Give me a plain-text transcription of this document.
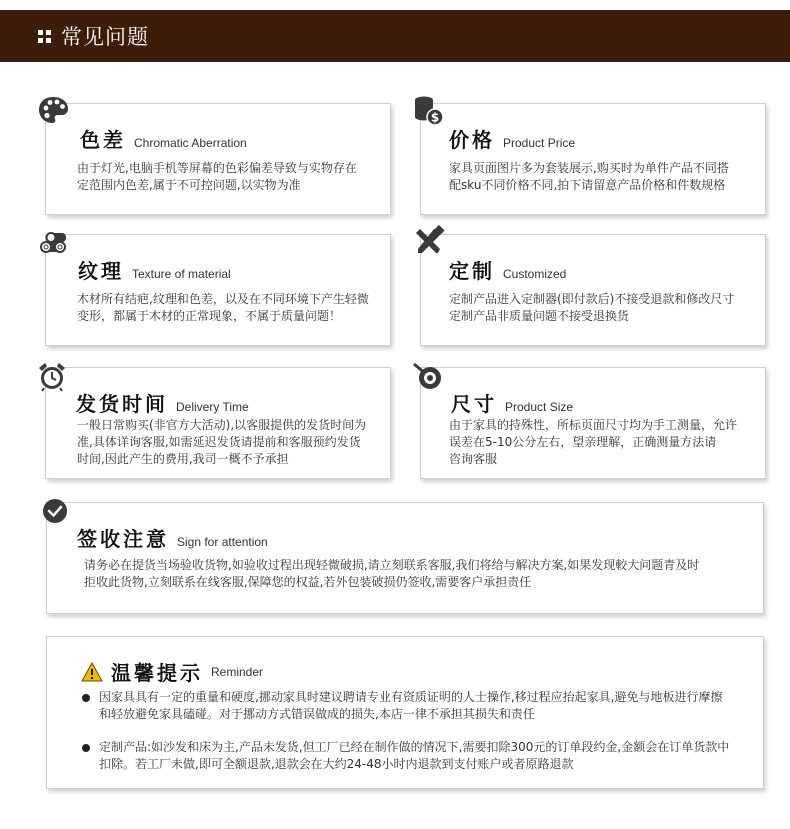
常见问题
色差 Chromatic Aberration
由于灯光,电脑手机等屏幕的色彩偏差导致与实物存在
定范围内色差,属于不可控问题,以实物为准
价格 Product Price
家具页面图片多为套装展示,购买时为单件产品不同搭
配sku不同价格不同,拍下请留意产品价格和件数规格
$
纹理 Texture of material
木材所有结疤,纹理和色差，以及在不同环境下产生轻微
变形，都属于木材的正常现象，不属于质量问题！
定制 Customized
定制产品进入定制器(即付款后)不接受退款和修改尺寸
定制产品非质量问题不接受退换货
发货时间 Delivery Time
一般日常购买(非官方大活动),以客服提供的发货时间为
准,具体详询客服,如需延迟发货请提前和客服预约发货
时间,因此产生的费用,我司一概不予承担
尺寸 Product Size
由于家具的持殊性，所标页面尺寸均为手工测量，允许
误差在5-10公分左右，望亲理解，正确测量方法请
咨询客服
签收注意 Sign for attention
请务必在提货当场验收货物,如验收过程出现轻微破损,请立刻联系客服,我们将给与解决方案,如果发现較大问题青及时
拒收此货物,立刻联系在线客服,保障您的权益,若外包装破损仍签收,需要客户承担责任
温馨提示 Reminder
因家具具有一定的重量和硬度,挪动家具时建议聘请专业有资质证明的人士操作,移过程应抬起家具,避免与地板进行摩擦
和轻放避免家具磕碰。对于挪动方式错误做成的损失,本店一律不承担其损失和责任
定制产品:如沙发和床为主,产品未发货,但工厂已经在制作做的情况下,需要扣除300元的订单段约金,金额会在订单货款中
扣除。若工厂未做,即可全额退款,退款会在大约24-48小时内退款到支付账户或者原路退款
